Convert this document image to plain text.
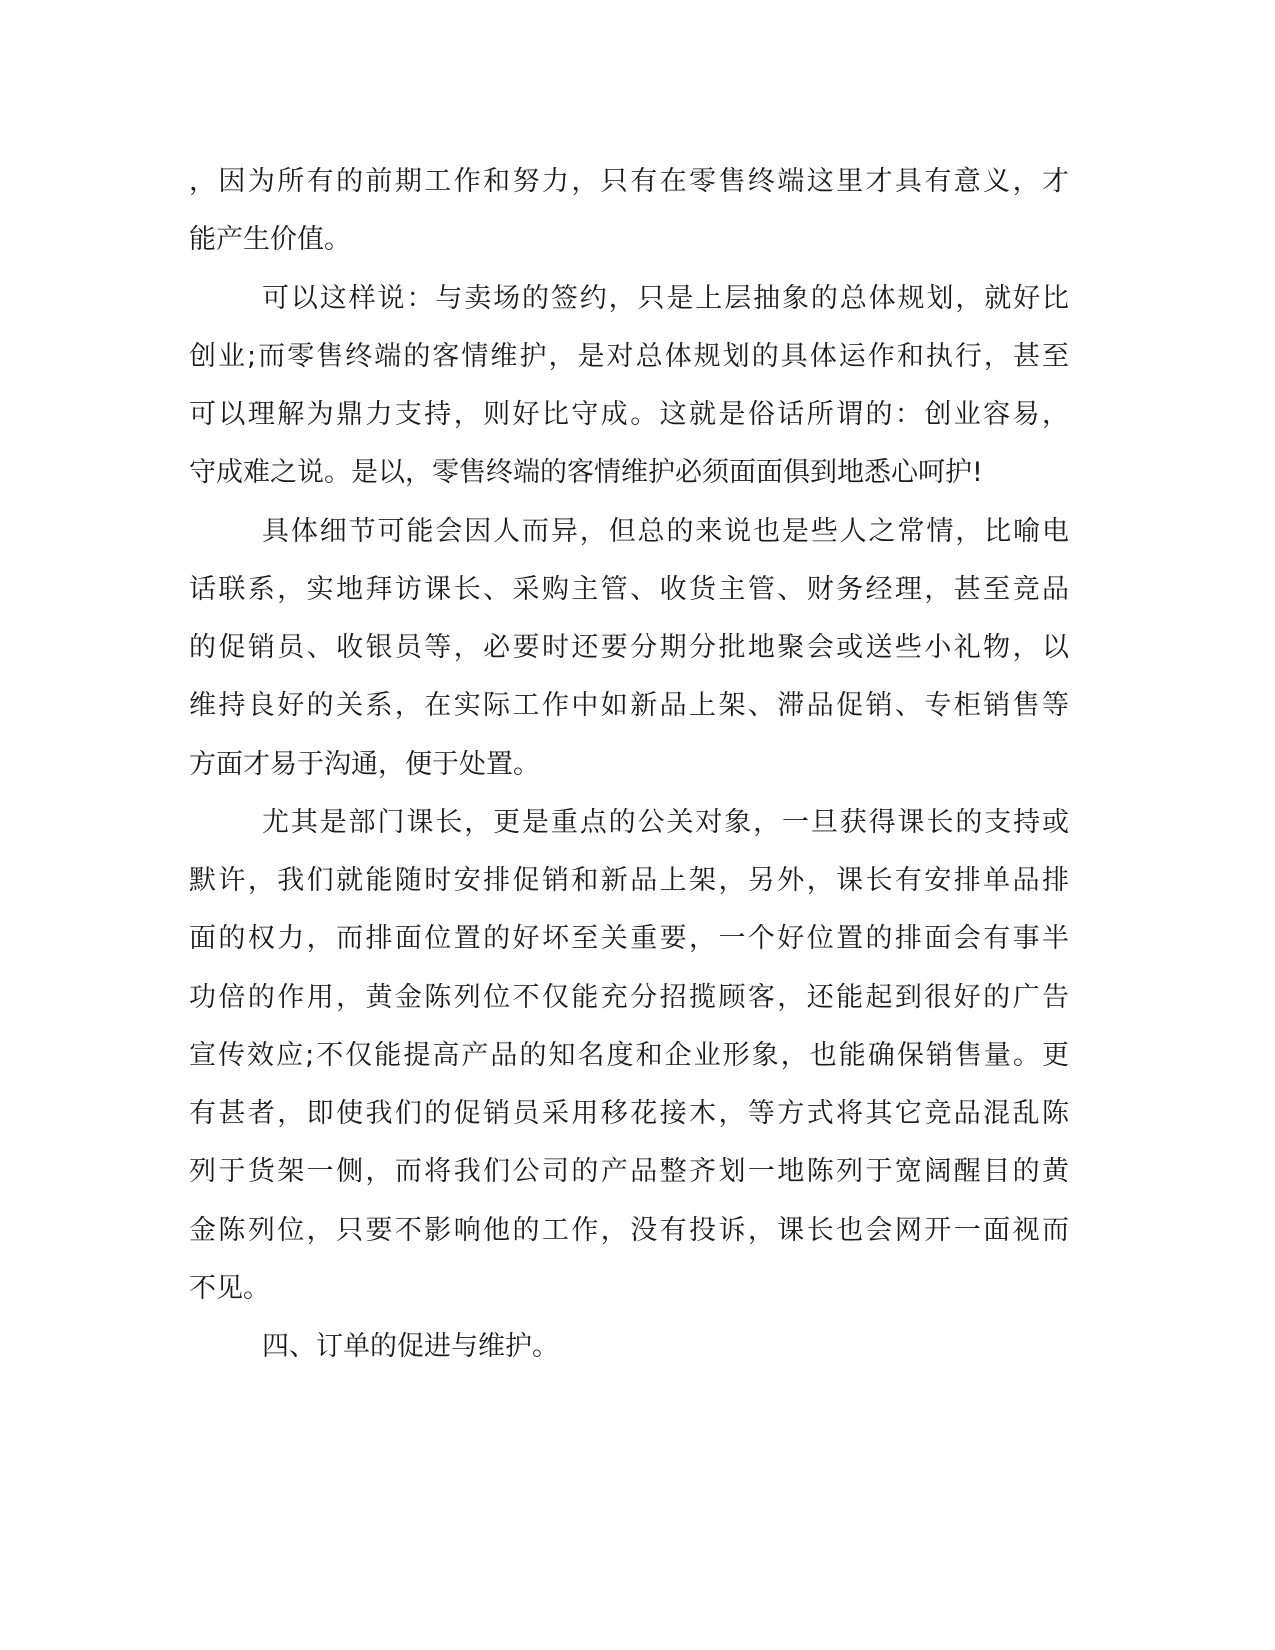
，因为所有的前期工作和努力，只有在零售终端这里才具有意义，才
能产生价值。
可以这样说：与卖场的签约，只是上层抽象的总体规划，就好比
创业;而零售终端的客情维护，是对总体规划的具体运作和执行，甚至
可以理解为鼎力支持，则好比守成。这就是俗话所谓的：创业容易，
守成难之说。是以，零售终端的客情维护必须面面俱到地悉心呵护!
具体细节可能会因人而异，但总的来说也是些人之常情，比喻电
话联系，实地拜访课长、采购主管、收货主管、财务经理，甚至竞品
的促销员、收银员等，必要时还要分期分批地聚会或送些小礼物，以
维持良好的关系，在实际工作中如新品上架、滞品促销、专柜销售等
方面才易于沟通，便于处置。
尤其是部门课长，更是重点的公关对象，一旦获得课长的支持或
默许，我们就能随时安排促销和新品上架，另外，课长有安排单品排
面的权力，而排面位置的好坏至关重要，一个好位置的排面会有事半
功倍的作用，黄金陈列位不仅能充分招揽顾客，还能起到很好的广告
宣传效应;不仅能提高产品的知名度和企业形象，也能确保销售量。更
有甚者，即使我们的促销员采用移花接木，等方式将其它竞品混乱陈
列于货架一侧，而将我们公司的产品整齐划一地陈列于宽阔醒目的黄
金陈列位，只要不影响他的工作，没有投诉，课长也会网开一面视而
不见。
四、订单的促进与维护。
